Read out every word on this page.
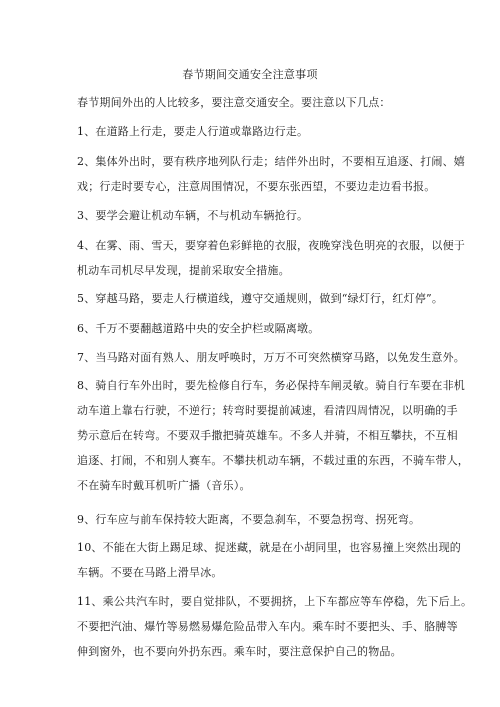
春节期间交通安全注意事项
春节期间外出的人比较多，要注意交通安全。要注意以下几点：
1、在道路上行走，要走人行道或靠路边行走。
2、集体外出时，要有秩序地列队行走；结伴外出时，不要相互追逐、打闹、嬉
戏；行走时要专心，注意周围情况，不要东张西望，不要边走边看书报。
3、要学会避让机动车辆，不与机动车辆抢行。
4、在雾、雨、雪天，要穿着色彩鲜艳的衣服，夜晚穿浅色明亮的衣服，以便于
机动车司机尽早发现，提前采取安全措施。
5、穿越马路，要走人行横道线，遵守交通规则，做到“绿灯行，红灯停”。
6、千万不要翻越道路中央的安全护栏或隔离墩。
7、当马路对面有熟人、朋友呼唤时，万万不可突然横穿马路，以免发生意外。
8、骑自行车外出时，要先检修自行车，务必保持车闸灵敏。骑自行车要在非机
动车道上靠右行驶，不逆行；转弯时要提前减速，看清四周情况，以明确的手
势示意后在转弯。不要双手撒把骑英雄车。不多人并骑，不相互攀扶，不互相
追逐、打闹，不和别人赛车。不攀扶机动车辆，不载过重的东西，不骑车带人，
不在骑车时戴耳机听广播（音乐）。
9、行车应与前车保持较大距离，不要急刹车，不要急拐弯、拐死弯。
10、不能在大街上踢足球、捉迷藏，就是在小胡同里，也容易撞上突然出现的
车辆。不要在马路上滑旱冰。
11、乘公共汽车时，要自觉排队，不要拥挤，上下车都应等车停稳，先下后上。
不要把汽油、爆竹等易燃易爆危险品带入车内。乘车时不要把头、手、胳膊等
伸到窗外，也不要向外扔东西。乘车时，要注意保护自己的物品。
